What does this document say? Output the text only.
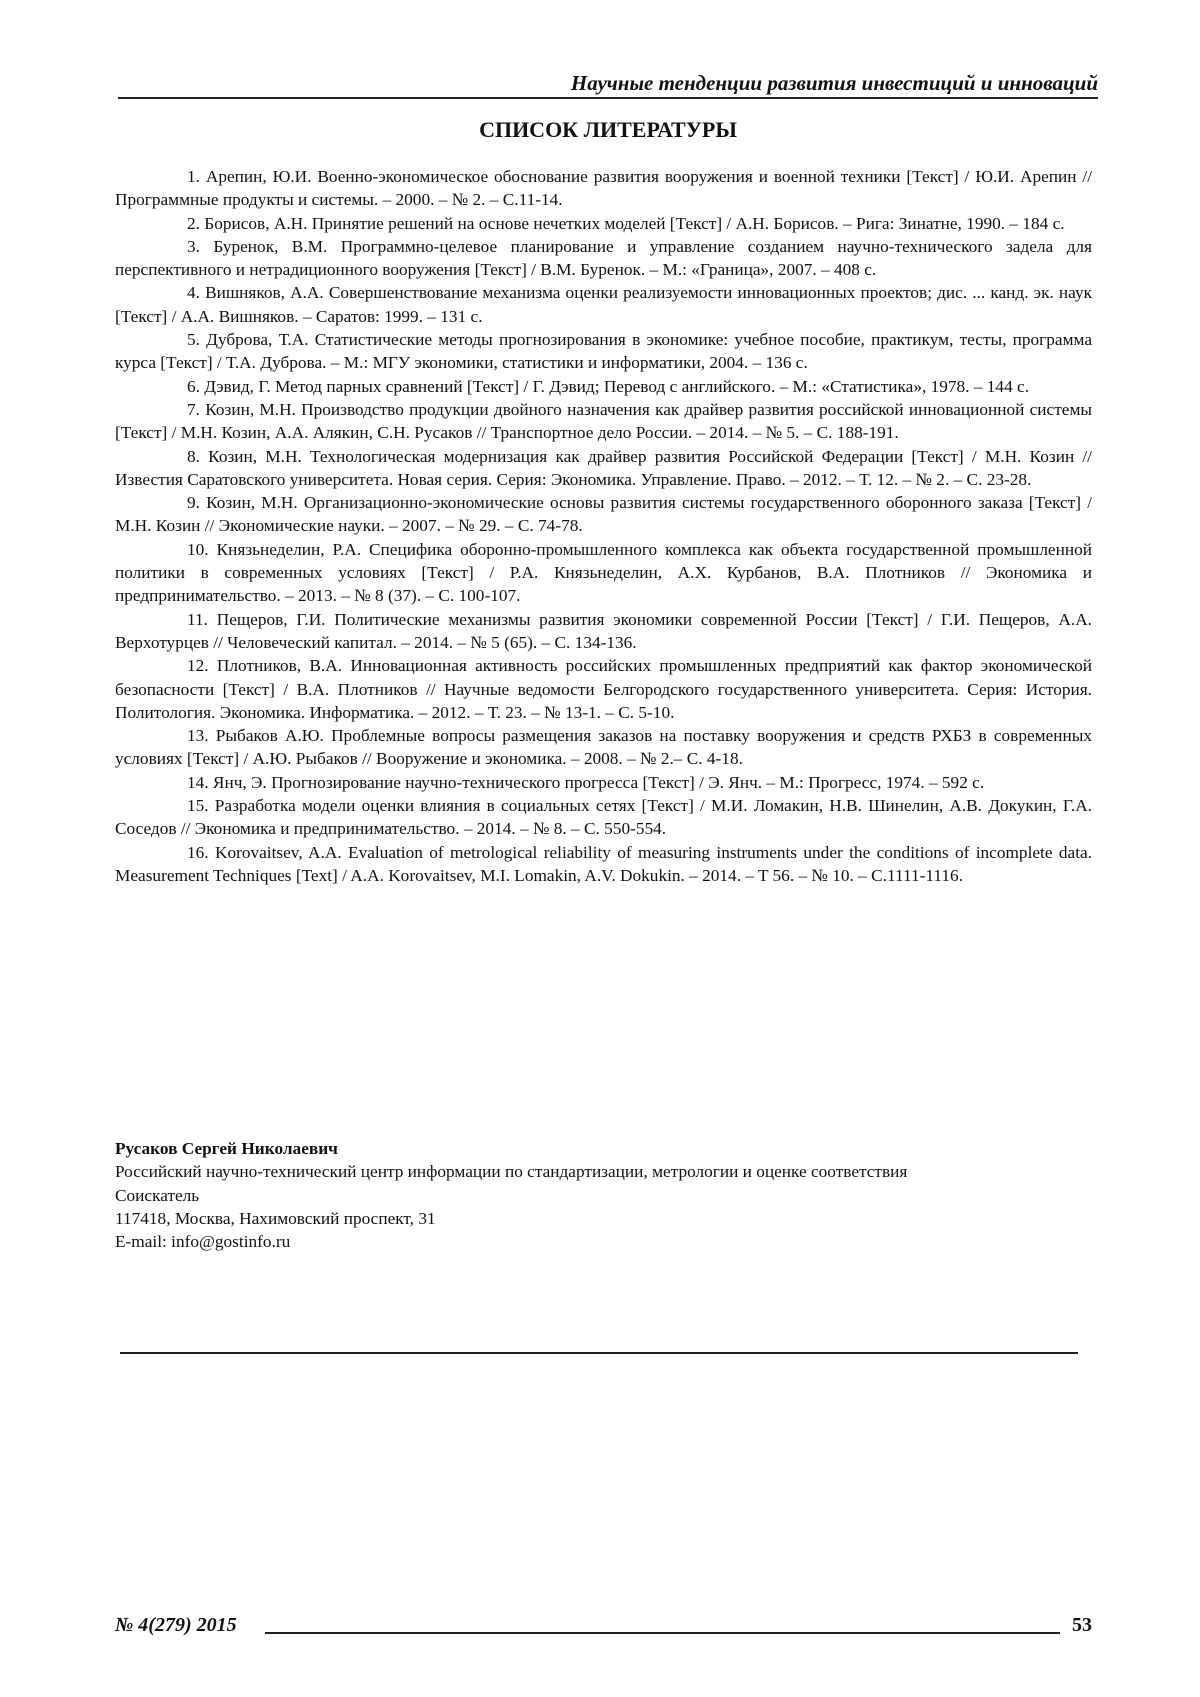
Научные тенденции развития инвестиций и инноваций
СПИСОК ЛИТЕРАТУРЫ
1. Арепин, Ю.И. Военно-экономическое обоснование развития вооружения и военной техники [Текст] / Ю.И. Арепин // Программные продукты и системы. – 2000. – № 2. – С.11-14.
2. Борисов, А.Н. Принятие решений на основе нечетких моделей [Текст] / А.Н. Борисов. – Рига: Зинатне, 1990. – 184 с.
3. Буренок, В.М. Программно-целевое планирование и управление созданием научно-технического задела для перспективного и нетрадиционного вооружения [Текст] / В.М. Буренок. – М.: «Граница», 2007. – 408 с.
4. Вишняков, А.А. Совершенствование механизма оценки реализуемости инновационных проектов; дис. ... канд. эк. наук [Текст] / А.А. Вишняков. – Саратов: 1999. – 131 с.
5. Дуброва, Т.А. Статистические методы прогнозирования в экономике: учебное пособие, практикум, тесты, программа курса [Текст] / Т.А. Дуброва. – М.: МГУ экономики, статистики и информатики, 2004. – 136 с.
6. Дэвид, Г. Метод парных сравнений [Текст] / Г. Дэвид; Перевод с английского. – М.: «Статистика», 1978. – 144 с.
7. Козин, М.Н. Производство продукции двойного назначения как драйвер развития российской инновационной системы [Текст] / М.Н. Козин, А.А. Алякин, С.Н. Русаков // Транспортное дело России. – 2014. – № 5. – С. 188-191.
8. Козин, М.Н. Технологическая модернизация как драйвер развития Российской Федерации [Текст] / М.Н. Козин // Известия Саратовского университета. Новая серия. Серия: Экономика. Управление. Право. – 2012. – Т. 12. – № 2. – С. 23-28.
9. Козин, М.Н. Организационно-экономические основы развития системы государственного оборонного заказа [Текст] / М.Н. Козин // Экономические науки. – 2007. – № 29. – С. 74-78.
10. Князьнеделин, Р.А. Специфика оборонно-промышленного комплекса как объекта государственной промышленной политики в современных условиях [Текст] / Р.А. Князьнеделин, А.Х. Курбанов, В.А. Плотников // Экономика и предпринимательство. – 2013. – № 8 (37). – С. 100-107.
11. Пещеров, Г.И. Политические механизмы развития экономики современной России [Текст] / Г.И. Пещеров, А.А. Верхотурцев // Человеческий капитал. – 2014. – № 5 (65). – С. 134-136.
12. Плотников, В.А. Инновационная активность российских промышленных предприятий как фактор экономической безопасности [Текст] / В.А. Плотников // Научные ведомости Белгородского государственного университета. Серия: История. Политология. Экономика. Информатика. – 2012. – Т. 23. – № 13-1. – С. 5-10.
13. Рыбаков А.Ю. Проблемные вопросы размещения заказов на поставку вооружения и средств РХБЗ в современных условиях [Текст] / А.Ю. Рыбаков // Вооружение и экономика. – 2008. – № 2.– С. 4-18.
14. Янч, Э. Прогнозирование научно-технического прогресса [Текст] / Э. Янч. – М.: Прогресс, 1974. – 592 с.
15. Разработка модели оценки влияния в социальных сетях [Текст] / М.И. Ломакин, Н.В. Шинелин, А.В. Докукин, Г.А. Соседов // Экономика и предпринимательство. – 2014. – № 8. – С. 550-554.
16. Korovaitsev, A.A. Evaluation of metrological reliability of measuring instruments under the conditions of incomplete data. Measurement Techniques [Text] / A.A. Korovaitsev, M.I. Lomakin, A.V. Dokukin. – 2014. – T 56. – № 10. – С.1111-1116.
Русаков Сергей Николаевич
Российский научно-технический центр информации по стандартизации, метрологии и оценке соответствия
Соискатель
117418, Москва, Нахимовский проспект, 31
E-mail: info@gostinfo.ru
№ 4(279) 2015	53
